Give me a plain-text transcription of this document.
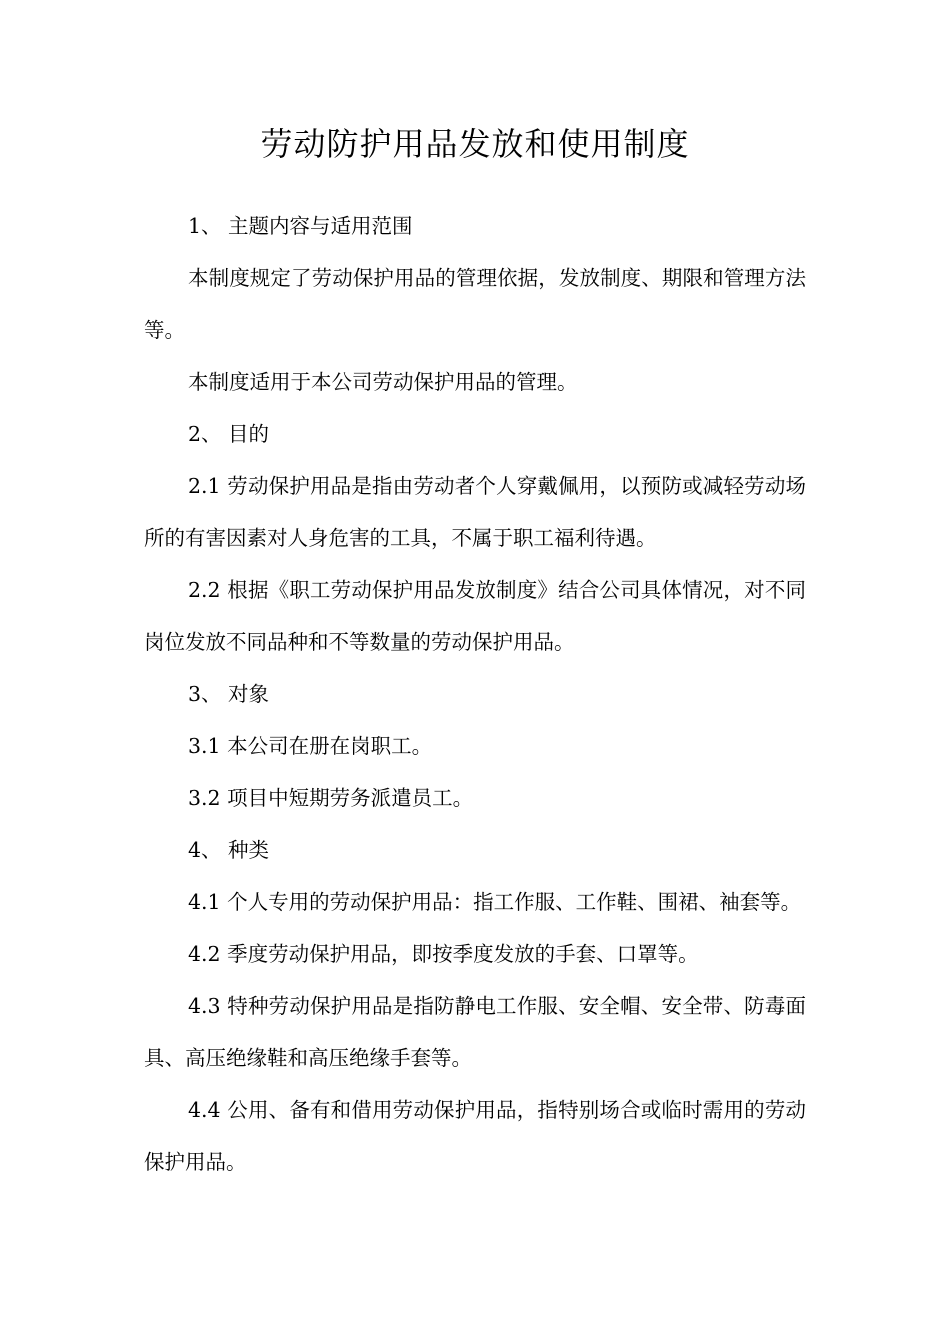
劳动防护用品发放和使用制度

1、 主题内容与适用范围

本制度规定了劳动保护用品的管理依据，发放制度、期限和管理方法等。

本制度适用于本公司劳动保护用品的管理。

2、 目的

2.1 劳动保护用品是指由劳动者个人穿戴佩用，以预防或减轻劳动场所的有害因素对人身危害的工具，不属于职工福利待遇。

2.2 根据《职工劳动保护用品发放制度》结合公司具体情况，对不同岗位发放不同品种和不等数量的劳动保护用品。

3、 对象

3.1 本公司在册在岗职工。

3.2 项目中短期劳务派遣员工。

4、 种类

4.1 个人专用的劳动保护用品：指工作服、工作鞋、围裙、袖套等。

4.2 季度劳动保护用品，即按季度发放的手套、口罩等。

4.3 特种劳动保护用品是指防静电工作服、安全帽、安全带、防毒面具、高压绝缘鞋和高压绝缘手套等。

4.4 公用、备有和借用劳动保护用品，指特别场合或临时需用的劳动保护用品。
